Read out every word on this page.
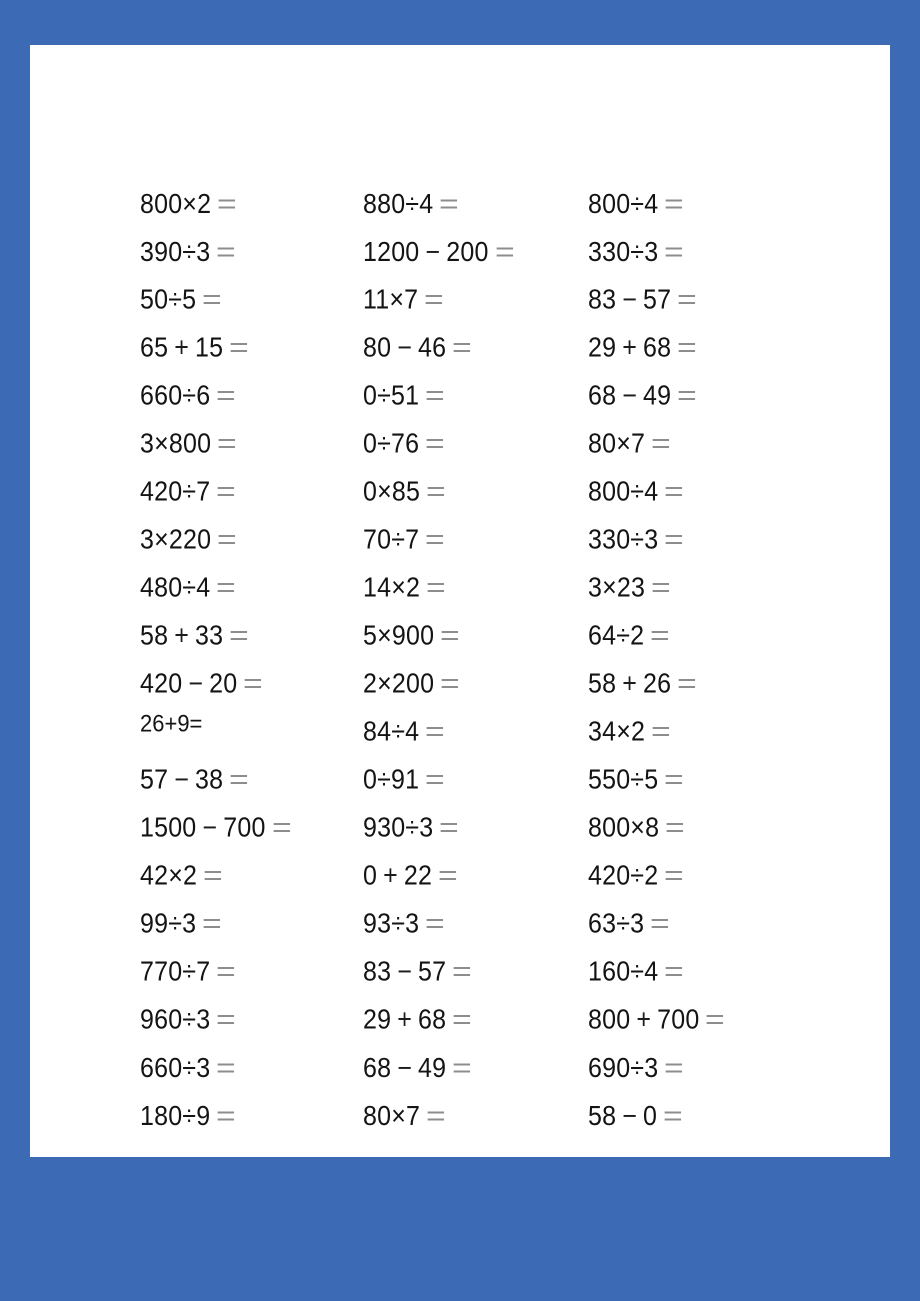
800×2 =	880÷4 =	800÷4 =
390÷3 =	1200 − 200 =	330÷3 =
50÷5 =	11×7 =	83 − 57 =
65 + 15 =	80 − 46 =	29 + 68 =
660÷6 =	0÷51 =	68 − 49 =
3×800 =	0÷76 =	80×7 =
420÷7 =	0×85 =	800÷4 =
3×220 =	70÷7 =	330÷3 =
480÷4 =	14×2 =	3×23 =
58 + 33 =	5×900 =	64÷2 =
420 − 20 =	2×200 =	58 + 26 =
26+9=	84÷4 =	34×2 =
57 − 38 =	0÷91 =	550÷5 =
1500 − 700 =	930÷3 =	800×8 =
42×2 =	0 + 22 =	420÷2 =
99÷3 =	93÷3 =	63÷3 =
770÷7 =	83 − 57 =	160÷4 =
960÷3 =	29 + 68 =	800 + 700 =
660÷3 =	68 − 49 =	690÷3 =
180÷9 =	80×7 =	58 − 0 =
